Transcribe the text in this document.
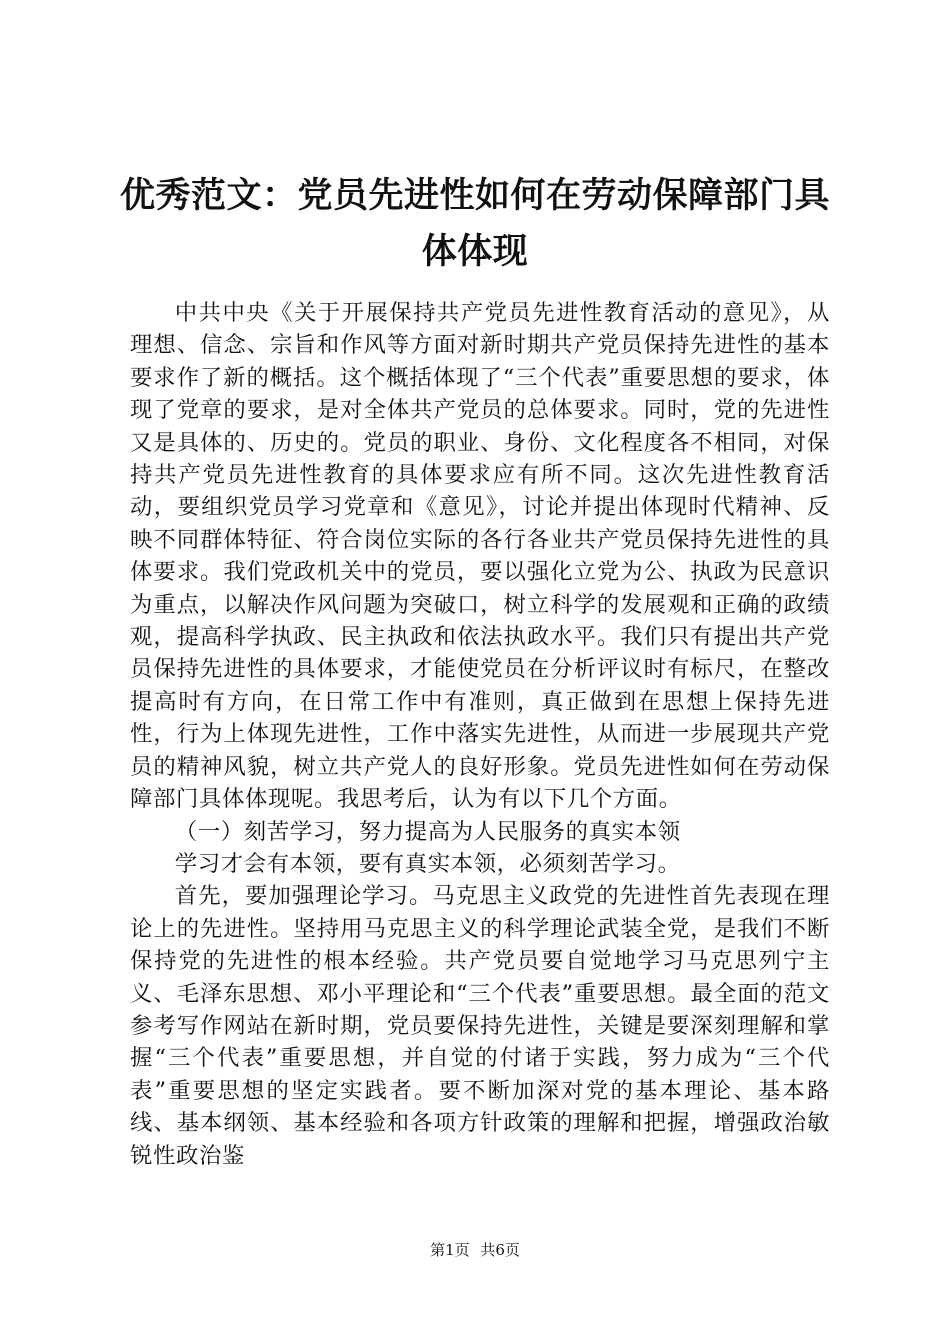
优秀范文：党员先进性如何在劳动保障部门具
体体现

中共中央《关于开展保持共产党员先进性教育活动的意见》，从理想、信念、宗旨和作风等方面对新时期共产党员保持先进性的基本要求作了新的概括。这个概括体现了“三个代表”重要思想的要求，体现了党章的要求，是对全体共产党员的总体要求。同时，党的先进性又是具体的、历史的。党员的职业、身份、文化程度各不相同，对保持共产党员先进性教育的具体要求应有所不同。这次先进性教育活动，要组织党员学习党章和《意见》，讨论并提出体现时代精神、反映不同群体特征、符合岗位实际的各行各业共产党员保持先进性的具体要求。我们党政机关中的党员，要以强化立党为公、执政为民意识为重点，以解决作风问题为突破口，树立科学的发展观和正确的政绩观，提高科学执政、民主执政和依法执政水平。我们只有提出共产党员保持先进性的具体要求，才能使党员在分析评议时有标尺，在整改提高时有方向，在日常工作中有准则，真正做到在思想上保持先进性，行为上体现先进性，工作中落实先进性，从而进一步展现共产党员的精神风貌，树立共产党人的良好形象。党员先进性如何在劳动保障部门具体体现呢。我思考后，认为有以下几个方面。

（一）刻苦学习，努力提高为人民服务的真实本领

学习才会有本领，要有真实本领，必须刻苦学习。

首先，要加强理论学习。马克思主义政党的先进性首先表现在理论上的先进性。坚持用马克思主义的科学理论武装全党，是我们不断保持党的先进性的根本经验。共产党员要自觉地学习马克思列宁主义、毛泽东思想、邓小平理论和“三个代表”重要思想。最全面的范文参考写作网站在新时期，党员要保持先进性，关键是要深刻理解和掌握“三个代表”重要思想，并自觉的付诸于实践，努力成为“三个代表”重要思想的坚定实践者。要不断加深对党的基本理论、基本路线、基本纲领、基本经验和各项方针政策的理解和把握，增强政治敏锐性政治鉴

第1页 共6页
